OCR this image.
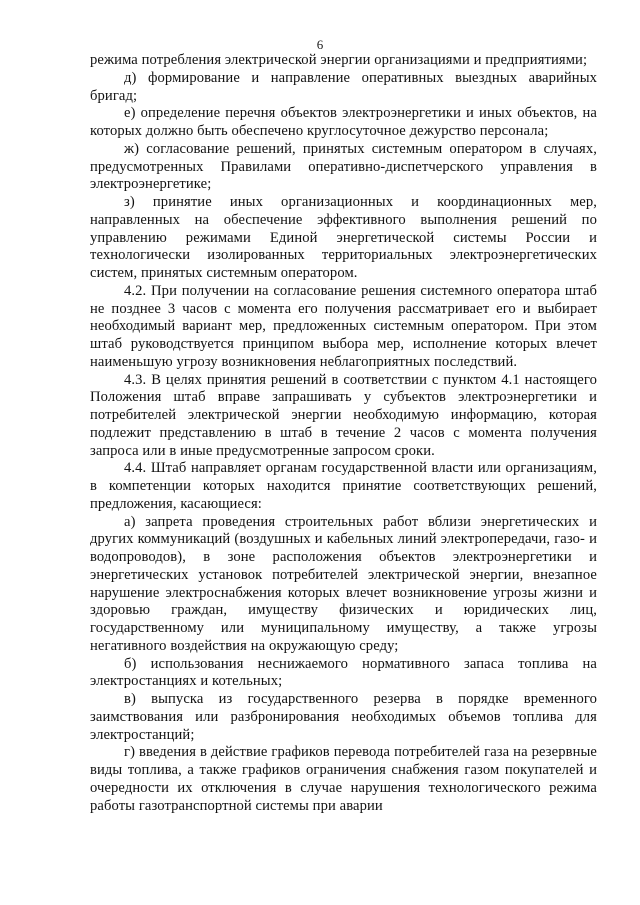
6

режима потребления электрической энергии организациями и предприятиями;

д) формирование и направление оперативных выездных аварийных бригад;

е) определение перечня объектов электроэнергетики и иных объектов, на которых должно быть обеспечено круглосуточное дежурство персонала;

ж) согласование решений, принятых системным оператором в случаях, предусмотренных Правилами оперативно-диспетчерского управления в электроэнергетике;

з) принятие иных организационных и координационных мер, направленных на обеспечение эффективного выполнения решений по управлению режимами Единой энергетической системы России и технологически изолированных территориальных электроэнергетических систем, принятых системным оператором.

4.2. При получении на согласование решения системного оператора штаб не позднее 3 часов с момента его получения рассматривает его и выбирает необходимый вариант мер, предложенных системным оператором. При этом штаб руководствуется принципом выбора мер, исполнение которых влечет наименьшую угрозу возникновения неблагоприятных последствий.

4.3. В целях принятия решений в соответствии с пунктом 4.1 настоящего Положения штаб вправе запрашивать у субъектов электроэнергетики и потребителей электрической энергии необходимую информацию, которая подлежит представлению в штаб в течение 2 часов с момента получения запроса или в иные предусмотренные запросом сроки.

4.4. Штаб направляет органам государственной власти или организациям, в компетенции которых находится принятие соответствующих решений, предложения, касающиеся:

а) запрета проведения строительных работ вблизи энергетических и других коммуникаций (воздушных и кабельных линий электропередачи, газо- и водопроводов), в зоне расположения объектов электроэнергетики и энергетических установок потребителей электрической энергии, внезапное нарушение электроснабжения которых влечет возникновение угрозы жизни и здоровью граждан, имуществу физических и юридических лиц, государственному или муниципальному имуществу, а также угрозы негативного воздействия на окружающую среду;

б) использования неснижаемого нормативного запаса топлива на электростанциях и котельных;

в) выпуска из государственного резерва в порядке временного заимствования или разбронирования необходимых объемов топлива для электростанций;

г) введения в действие графиков перевода потребителей газа на резервные виды топлива, а также графиков ограничения снабжения газом покупателей и очередности их отключения в случае нарушения технологического режима работы газотранспортной системы при аварии
